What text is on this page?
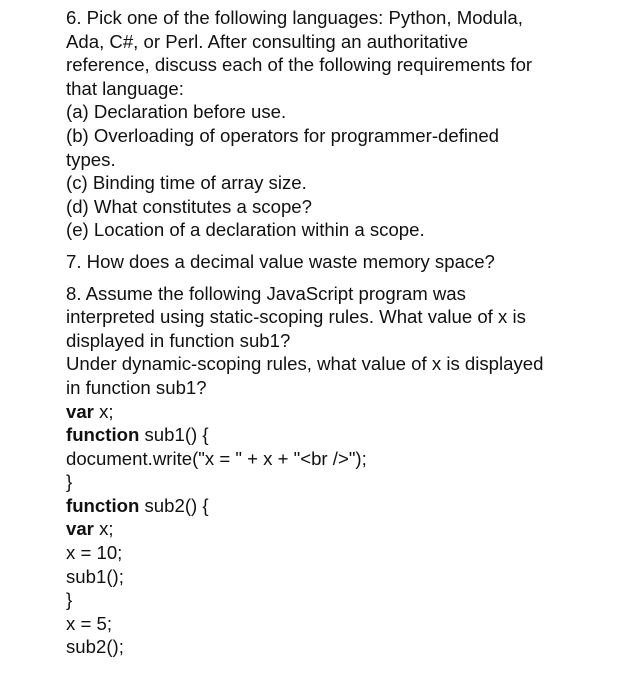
6. Pick one of the following languages: Python, Modula,
Ada, C#, or Perl. After consulting an authoritative
reference, discuss each of the following requirements for
that language:
(a) Declaration before use.
(b) Overloading of operators for programmer-defined
types.
(c) Binding time of array size.
(d) What constitutes a scope?
(e) Location of a declaration within a scope.
7. How does a decimal value waste memory space?
8. Assume the following JavaScript program was
interpreted using static-scoping rules. What value of x is
displayed in function sub1?
Under dynamic-scoping rules, what value of x is displayed
in function sub1?
var x;
function sub1() {
document.write("x = " + x + "<br />");
}
function sub2() {
var x;
x = 10;
sub1();
}
x = 5;
sub2();
